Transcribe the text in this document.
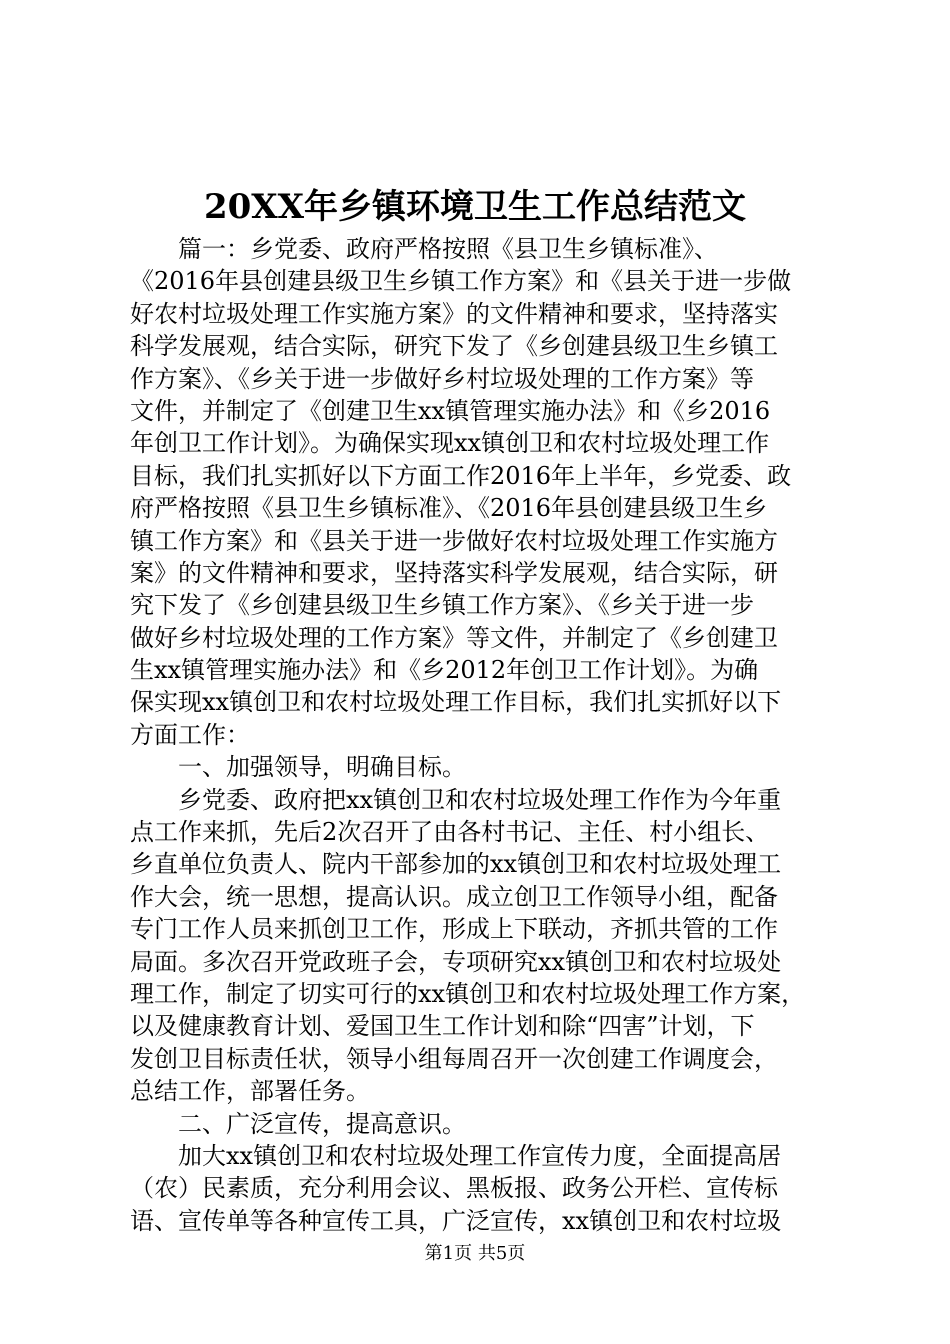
20XX年乡镇环境卫生工作总结范文
　　篇一：乡党委、政府严格按照《县卫生乡镇标准》、
《2016年县创建县级卫生乡镇工作方案》和《县关于进一步做
好农村垃圾处理工作实施方案》的文件精神和要求，坚持落实
科学发展观，结合实际，研究下发了《乡创建县级卫生乡镇工
作方案》、《乡关于进一步做好乡村垃圾处理的工作方案》等
文件，并制定了《创建卫生xx镇管理实施办法》和《乡2016
年创卫工作计划》。为确保实现xx镇创卫和农村垃圾处理工作
目标，我们扎实抓好以下方面工作2016年上半年，乡党委、政
府严格按照《县卫生乡镇标准》、《2016年县创建县级卫生乡
镇工作方案》和《县关于进一步做好农村垃圾处理工作实施方
案》的文件精神和要求，坚持落实科学发展观，结合实际，研
究下发了《乡创建县级卫生乡镇工作方案》、《乡关于进一步
做好乡村垃圾处理的工作方案》等文件，并制定了《乡创建卫
生xx镇管理实施办法》和《乡2012年创卫工作计划》。为确
保实现xx镇创卫和农村垃圾处理工作目标，我们扎实抓好以下
方面工作：
　　一、加强领导，明确目标。
　　乡党委、政府把xx镇创卫和农村垃圾处理工作作为今年重
点工作来抓，先后2次召开了由各村书记、主任、村小组长、
乡直单位负责人、院内干部参加的xx镇创卫和农村垃圾处理工
作大会，统一思想，提高认识。成立创卫工作领导小组，配备
专门工作人员来抓创卫工作，形成上下联动，齐抓共管的工作
局面。多次召开党政班子会，专项研究xx镇创卫和农村垃圾处
理工作，制定了切实可行的xx镇创卫和农村垃圾处理工作方案，
以及健康教育计划、爱国卫生工作计划和除“四害”计划，下
发创卫目标责任状，领导小组每周召开一次创建工作调度会，
总结工作，部署任务。
　　二、广泛宣传，提高意识。
　　加大xx镇创卫和农村垃圾处理工作宣传力度，全面提高居
（农）民素质，充分利用会议、黑板报、政务公开栏、宣传标
语、宣传单等各种宣传工具，广泛宣传，xx镇创卫和农村垃圾
第1页 共5页
